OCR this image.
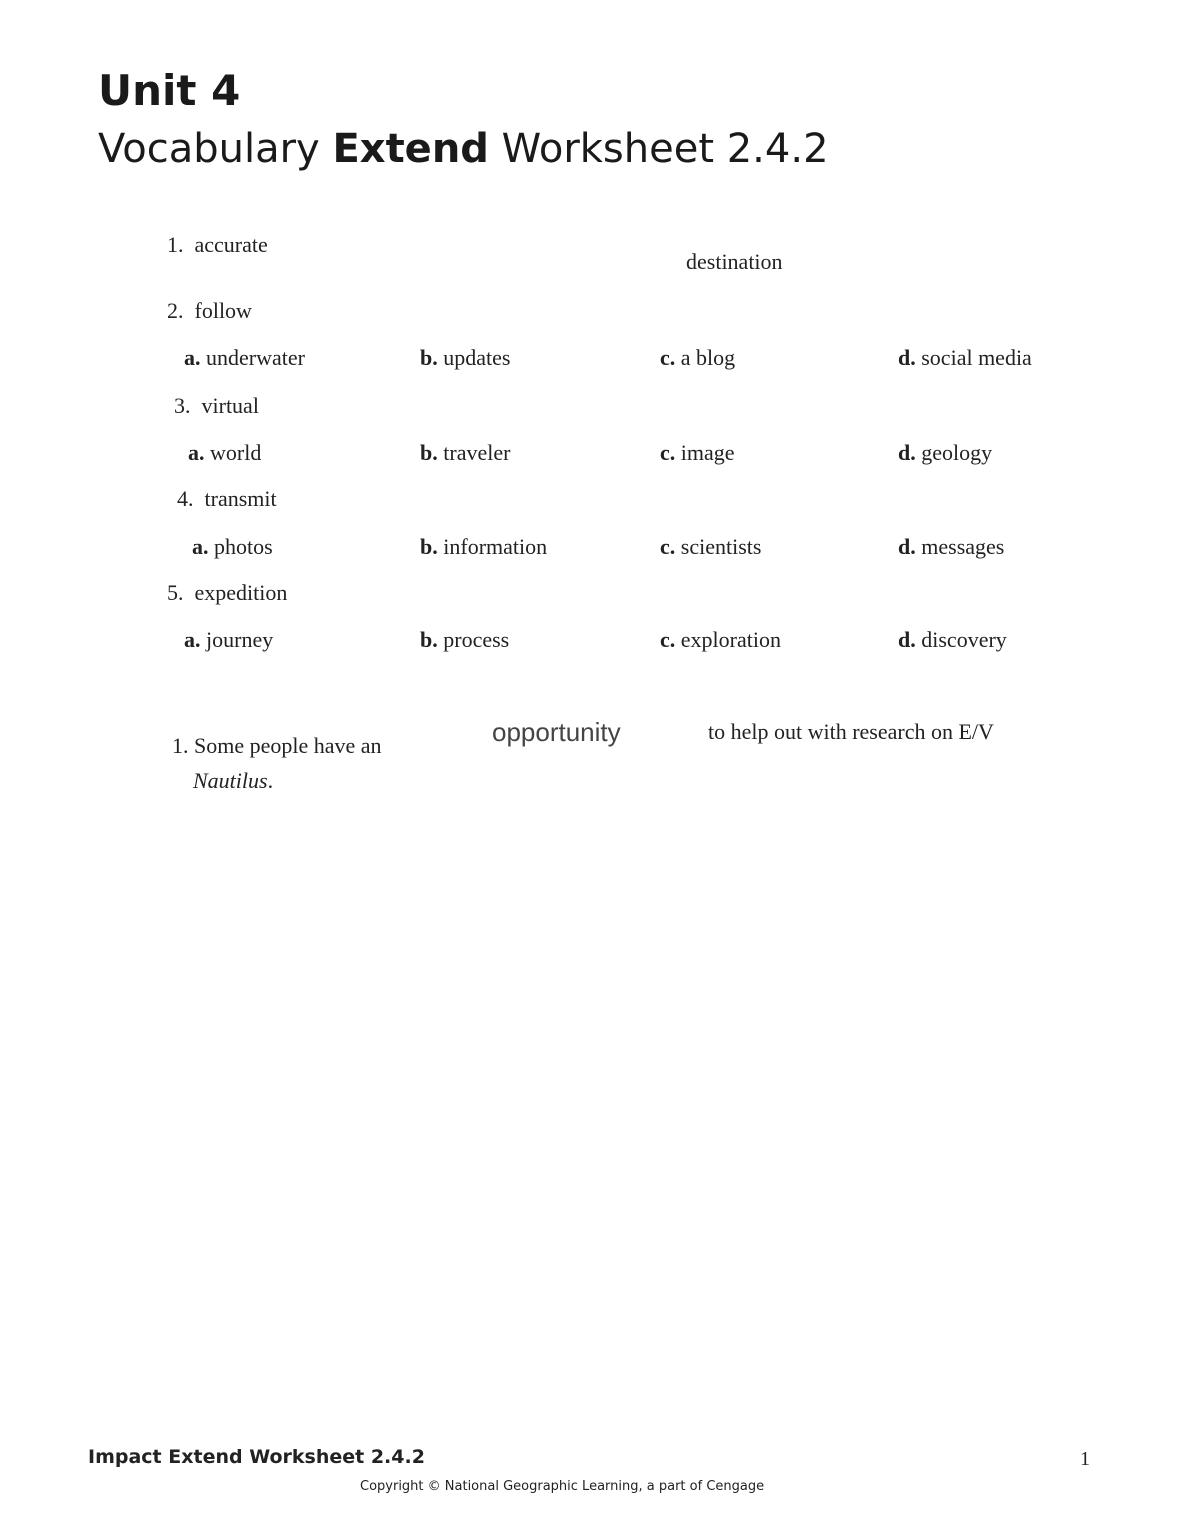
Unit 4
Vocabulary Extend Worksheet 2.4.2
1. accurate
destination
2. follow
a. underwater	b. updates	c. a blog	d. social media
3. virtual
a. world	b. traveler	c. image	d. geology
4. transmit
a. photos	b. information	c. scientists	d. messages
5. expedition
a. journey	b. process	c. exploration	d. discovery
1. Some people have an	opportunity	to help out with research on E/V
Nautilus.
Impact Extend Worksheet 2.4.2	1
Copyright © National Geographic Learning, a part of Cengage
